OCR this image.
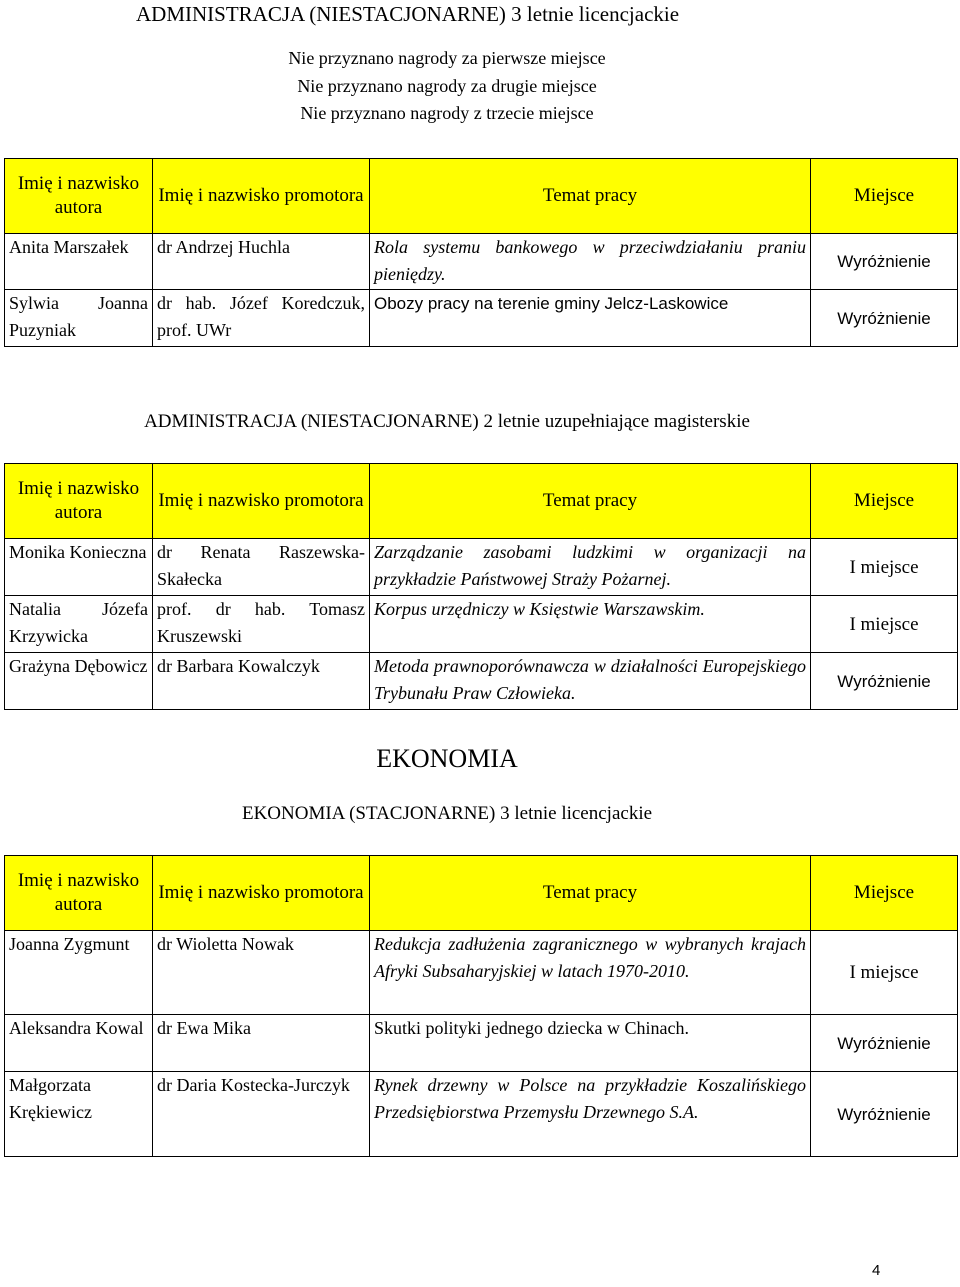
ADMINISTRACJA (NIESTACJONARNE) 3 letnie licencjackie
Nie przyznano nagrody za pierwsze miejsce
Nie przyznano nagrody za drugie miejsce
Nie przyznano nagrody z trzecie miejsce
Imię i nazwisko autora	Imię i nazwisko promotora	Temat pracy	Miejsce
Anita Marszałek	dr Andrzej Huchla	Rola systemu bankowego w przeciwdziałaniu praniu pieniędzy.	Wyróżnienie
Sylwia Joanna Puzyniak	dr hab. Józef Koredczuk, prof. UWr	Obozy pracy na terenie gminy Jelcz-Laskowice	Wyróżnienie
ADMINISTRACJA (NIESTACJONARNE) 2 letnie uzupełniające magisterskie
Imię i nazwisko autora	Imię i nazwisko promotora	Temat pracy	Miejsce
Monika Konieczna	dr Renata Raszewska-Skałecka	Zarządzanie zasobami ludzkimi w organizacji na przykładzie Państwowej Straży Pożarnej.	I miejsce
Natalia Józefa Krzywicka	prof. dr hab. Tomasz Kruszewski	Korpus urzędniczy w Księstwie Warszawskim.	I miejsce
Grażyna Dębowicz	dr Barbara Kowalczyk	Metoda prawnoporównawcza w działalności Europejskiego Trybunału Praw Człowieka.	Wyróżnienie
EKONOMIA
EKONOMIA (STACJONARNE) 3 letnie licencjackie
Imię i nazwisko autora	Imię i nazwisko promotora	Temat pracy	Miejsce
Joanna Zygmunt	dr Wioletta Nowak	Redukcja zadłużenia zagranicznego w wybranych krajach Afryki Subsaharyjskiej w latach 1970-2010.	I miejsce
Aleksandra Kowal	dr Ewa Mika	Skutki polityki jednego dziecka w Chinach.	Wyróżnienie
Małgorzata Krękiewicz	dr Daria Kostecka-Jurczyk	Rynek drzewny w Polsce na przykładzie Koszalińskiego Przedsiębiorstwa Przemysłu Drzewnego S.A.	Wyróżnienie
4
